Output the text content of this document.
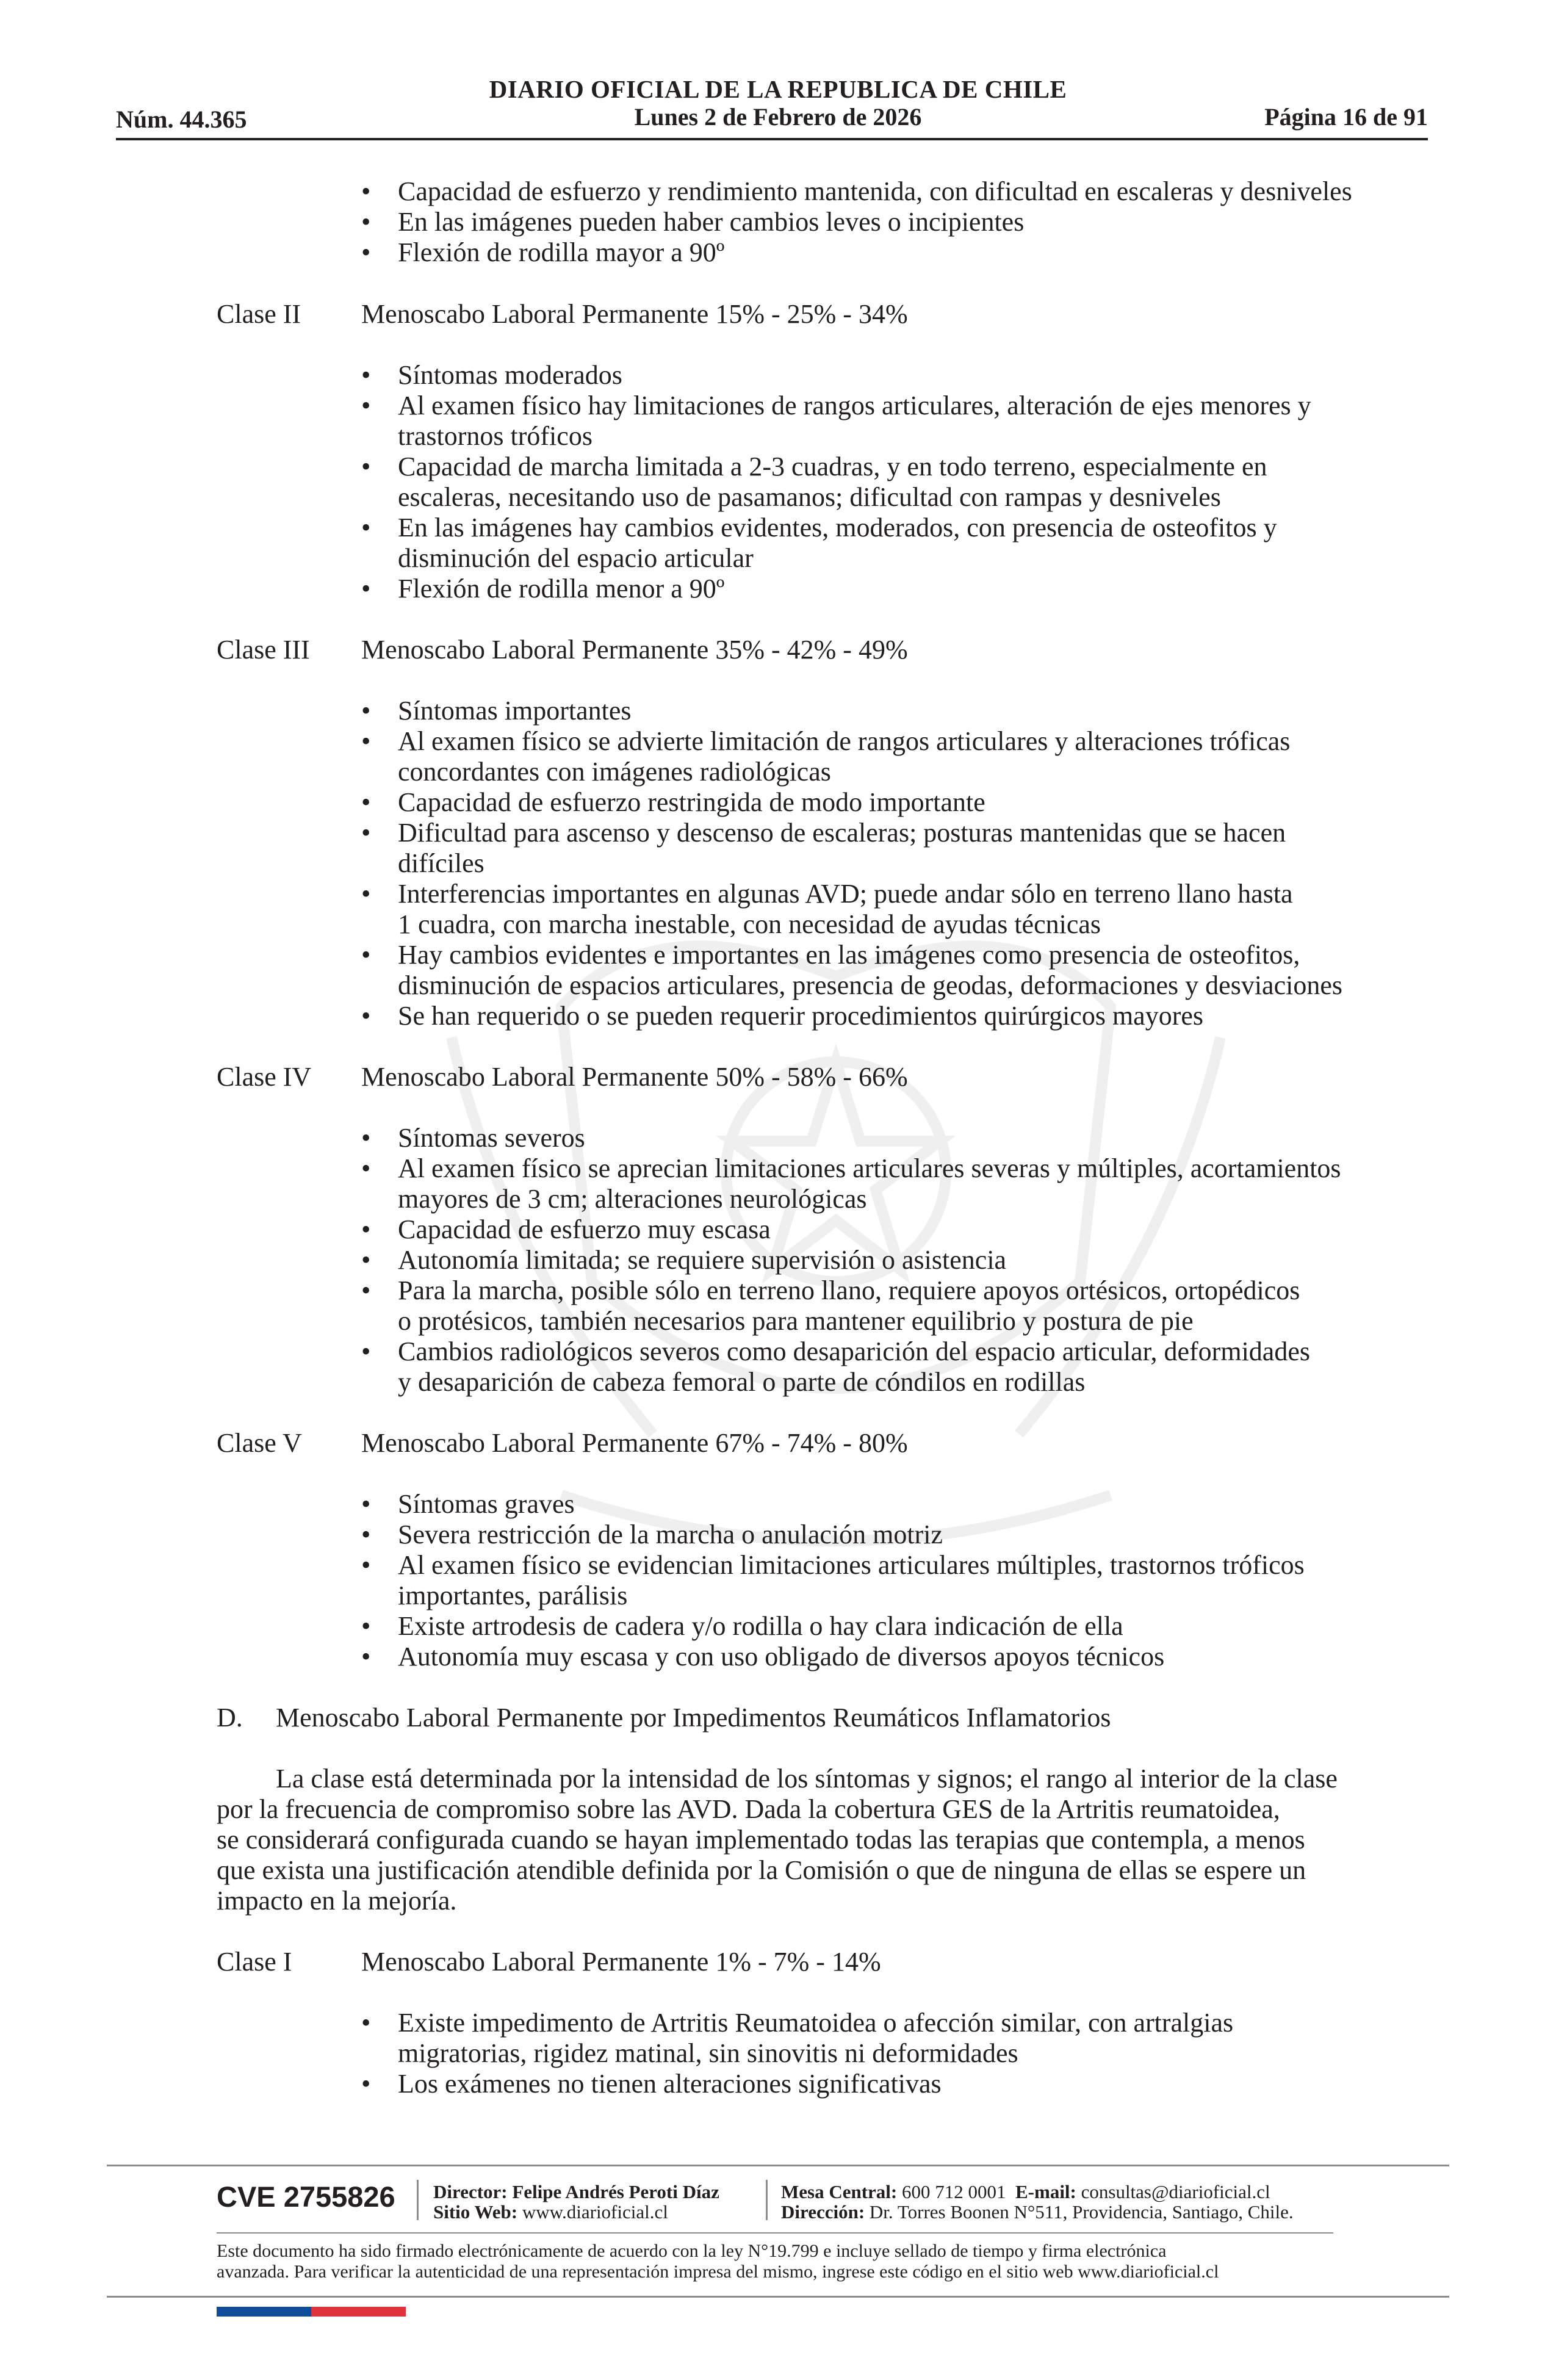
DIARIO OFICIAL DE LA REPUBLICA DE CHILE
Lunes 2 de Febrero de 2026
Núm. 44.365	Página 16 de 91
• Capacidad de esfuerzo y rendimiento mantenida, con dificultad en escaleras y desniveles
• En las imágenes pueden haber cambios leves o incipientes
• Flexión de rodilla mayor a 90º
Clase II Menoscabo Laboral Permanente 15% - 25% - 34%
• Síntomas moderados
• Al examen físico hay limitaciones de rangos articulares, alteración de ejes menores y
trastornos tróficos
• Capacidad de marcha limitada a 2-3 cuadras, y en todo terreno, especialmente en
escaleras, necesitando uso de pasamanos; dificultad con rampas y desniveles
• En las imágenes hay cambios evidentes, moderados, con presencia de osteofitos y
disminución del espacio articular
• Flexión de rodilla menor a 90º
Clase III Menoscabo Laboral Permanente 35% - 42% - 49%
• Síntomas importantes
• Al examen físico se advierte limitación de rangos articulares y alteraciones tróficas
concordantes con imágenes radiológicas
• Capacidad de esfuerzo restringida de modo importante
• Dificultad para ascenso y descenso de escaleras; posturas mantenidas que se hacen
difíciles
• Interferencias importantes en algunas AVD; puede andar sólo en terreno llano hasta
1 cuadra, con marcha inestable, con necesidad de ayudas técnicas
• Hay cambios evidentes e importantes en las imágenes como presencia de osteofitos,
disminución de espacios articulares, presencia de geodas, deformaciones y desviaciones
• Se han requerido o se pueden requerir procedimientos quirúrgicos mayores
Clase IV Menoscabo Laboral Permanente 50% - 58% - 66%
• Síntomas severos
• Al examen físico se aprecian limitaciones articulares severas y múltiples, acortamientos
mayores de 3 cm; alteraciones neurológicas
• Capacidad de esfuerzo muy escasa
• Autonomía limitada; se requiere supervisión o asistencia
• Para la marcha, posible sólo en terreno llano, requiere apoyos ortésicos, ortopédicos
o protésicos, también necesarios para mantener equilibrio y postura de pie
• Cambios radiológicos severos como desaparición del espacio articular, deformidades
y desaparición de cabeza femoral o parte de cóndilos en rodillas
Clase V Menoscabo Laboral Permanente 67% - 74% - 80%
• Síntomas graves
• Severa restricción de la marcha o anulación motriz
• Al examen físico se evidencian limitaciones articulares múltiples, trastornos tróficos
importantes, parálisis
• Existe artrodesis de cadera y/o rodilla o hay clara indicación de ella
• Autonomía muy escasa y con uso obligado de diversos apoyos técnicos
D. Menoscabo Laboral Permanente por Impedimentos Reumáticos Inflamatorios
La clase está determinada por la intensidad de los síntomas y signos; el rango al interior de la clase
por la frecuencia de compromiso sobre las AVD. Dada la cobertura GES de la Artritis reumatoidea,
se considerará configurada cuando se hayan implementado todas las terapias que contempla, a menos
que exista una justificación atendible definida por la Comisión o que de ninguna de ellas se espere un
impacto en la mejoría.
Clase I	Menoscabo Laboral Permanente 1% - 7% - 14%
• Existe impedimento de Artritis Reumatoidea o afección similar, con artralgias
migratorias, rigidez matinal, sin sinovitis ni deformidades
• Los exámenes no tienen alteraciones significativas
CVE 2755826 Director: Felipe Andrés Peroti Díaz
Sitio Web: www.diarioficial.cl
Mesa Central: 600 712 0001 E-mail: consultas@diarioficial.cl
Dirección: Dr. Torres Boonen N°511, Providencia, Santiago, Chile.
Este documento ha sido firmado electrónicamente de acuerdo con la ley N°19.799 e incluye sellado de tiempo y firma electrónica
avanzada. Para verificar la autenticidad de una representación impresa del mismo, ingrese este código en el sitio web www.diarioficial.cl
